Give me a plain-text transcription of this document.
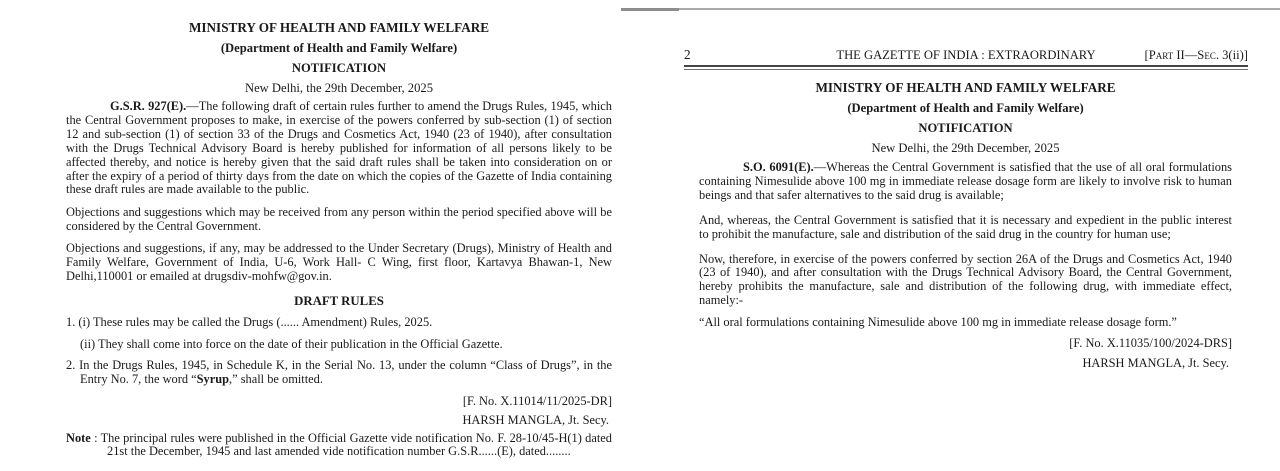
MINISTRY OF HEALTH AND FAMILY WELFARE
(Department of Health and Family Welfare)
NOTIFICATION
New Delhi, the 29th December, 2025

G.S.R. 927(E).—The following draft of certain rules further to amend the Drugs Rules, 1945, which the Central Government proposes to make, in exercise of the powers conferred by sub-section (1) of section 12 and sub-section (1) of section 33 of the Drugs and Cosmetics Act, 1940 (23 of 1940), after consultation with the Drugs Technical Advisory Board is hereby published for information of all persons likely to be affected thereby, and notice is hereby given that the said draft rules shall be taken into consideration on or after the expiry of a period of thirty days from the date on which the copies of the Gazette of India containing these draft rules are made available to the public.

Objections and suggestions which may be received from any person within the period specified above will be considered by the Central Government.

Objections and suggestions, if any, may be addressed to the Under Secretary (Drugs), Ministry of Health and Family Welfare, Government of India, U-6, Work Hall- C Wing, first floor, Kartavya Bhawan-1, New Delhi,110001 or emailed at drugsdiv-mohfw@gov.in.

DRAFT RULES

1. (i) These rules may be called the Drugs (...... Amendment) Rules, 2025.

(ii) They shall come into force on the date of their publication in the Official Gazette.

2. In the Drugs Rules, 1945, in Schedule K, in the Serial No. 13, under the column “Class of Drugs”, in the Entry No. 7, the word “Syrup,” shall be omitted.

[F. No. X.11014/11/2025-DR]
HARSH MANGLA, Jt. Secy.

Note : The principal rules were published in the Official Gazette vide notification No. F. 28-10/45-H(1) dated 21st the December, 1945 and last amended vide notification number G.S.R......(E), dated........

2	THE GAZETTE OF INDIA : EXTRAORDINARY	[Part II—Sec. 3(ii)]
MINISTRY OF HEALTH AND FAMILY WELFARE
(Department of Health and Family Welfare)
NOTIFICATION
New Delhi, the 29th December, 2025

S.O. 6091(E).—Whereas the Central Government is satisfied that the use of all oral formulations containing Nimesulide above 100 mg in immediate release dosage form are likely to involve risk to human beings and that safer alternatives to the said drug is available;

And, whereas, the Central Government is satisfied that it is necessary and expedient in the public interest to prohibit the manufacture, sale and distribution of the said drug in the country for human use;

Now, therefore, in exercise of the powers conferred by section 26A of the Drugs and Cosmetics Act, 1940 (23 of 1940), and after consultation with the Drugs Technical Advisory Board, the Central Government, hereby prohibits the manufacture, sale and distribution of the following drug, with immediate effect, namely:-

“All oral formulations containing Nimesulide above 100 mg in immediate release dosage form.”

[F. No. X.11035/100/2024-DRS]
HARSH MANGLA, Jt. Secy.
